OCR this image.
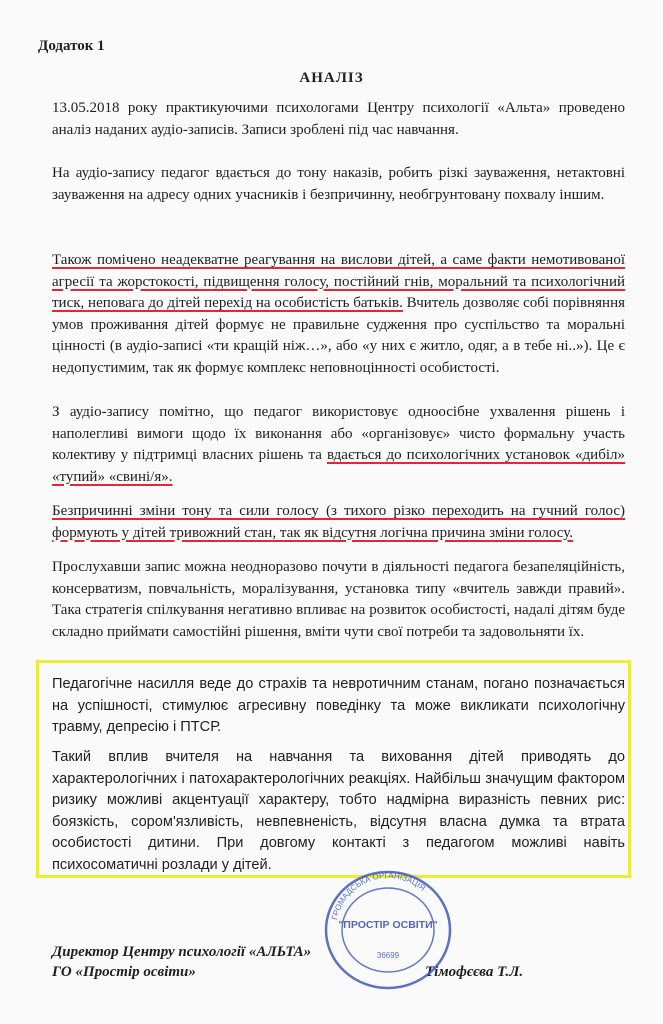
Додаток 1
АНАЛІЗ

13.05.2018 року практикуючими психологами Центру психології «Альта» проведено аналіз наданих аудіо-записів. Записи зроблені під час навчання.

На аудіо-запису педагог вдається до тону наказів, робить різкі зауваження, нетактовні зауваження на адресу одних учасників і безпричинну, необгрунтовану похвалу іншим.

Також помічено неадекватне реагування на вислови дітей, а саме факти немотивованої агресії та жорстокості, підвищення голосу, постійний гнів, моральний та психологічний тиск, неповага до дітей перехід на особистість батьків. Вчитель дозволяє собі порівняння умов проживання дітей формує не правильне судження про суспільство та моральні цінності (в аудіо-записі «ти кращій ніж…», або «у них є житло, одяг, а в тебе ні..»). Це є недопустимим, так як формує комплекс неповноцінності особистості.

З аудіо-запису помітно, що педагог використовує одноосібне ухвалення рішень і наполегливі вимоги щодо їх виконання або «організовує» чисто формальну участь колективу у підтримці власних рішень та вдається до психологічних установок «дибіл» «тупий» «свині/я».

Безпричинні зміни тону та сили голосу (з тихого різко переходить на гучний голос) формують у дітей тривожний стан, так як відсутня логічна причина зміни голосу.

Прослухавши запис можна неодноразово почути в діяльності педагога безапеляційність, консерватизм, повчальність, моралізування, установка типу «вчитель завжди правий». Така стратегія спілкування негативно впливає на розвиток особистості, надалі дітям буде складно приймати самостійні рішення, вміти чути свої потреби та задовольняти їх.

Педагогічне насилля веде до страхів та невротичним станам, погано позначається на успішності, стимулює агресивну поведінку та може викликати психологічну травму, депресію і ПТСР.

Такий вплив вчителя на навчання та виховання дітей приводять до характерологічних і патохарактерологічних реакціях. Найбільш значущим фактором ризику можливі акцентуації характеру, тобто надмірна виразність певних рис: боязкість, сором'язливість, невпевненість, відсутня власна думка та втрата особистості дитини. При довгому контакті з педагогом можливі навіть психосоматичні розлади у дітей.

Директор Центру психології «АЛЬТА»
ГО «Простір освіти»	Тімофєєва Т.Л.
ГРОМАДСЬКА ОРГАНІЗАЦІЯ
"ПРОСТІР ОСВІТИ"
36699
